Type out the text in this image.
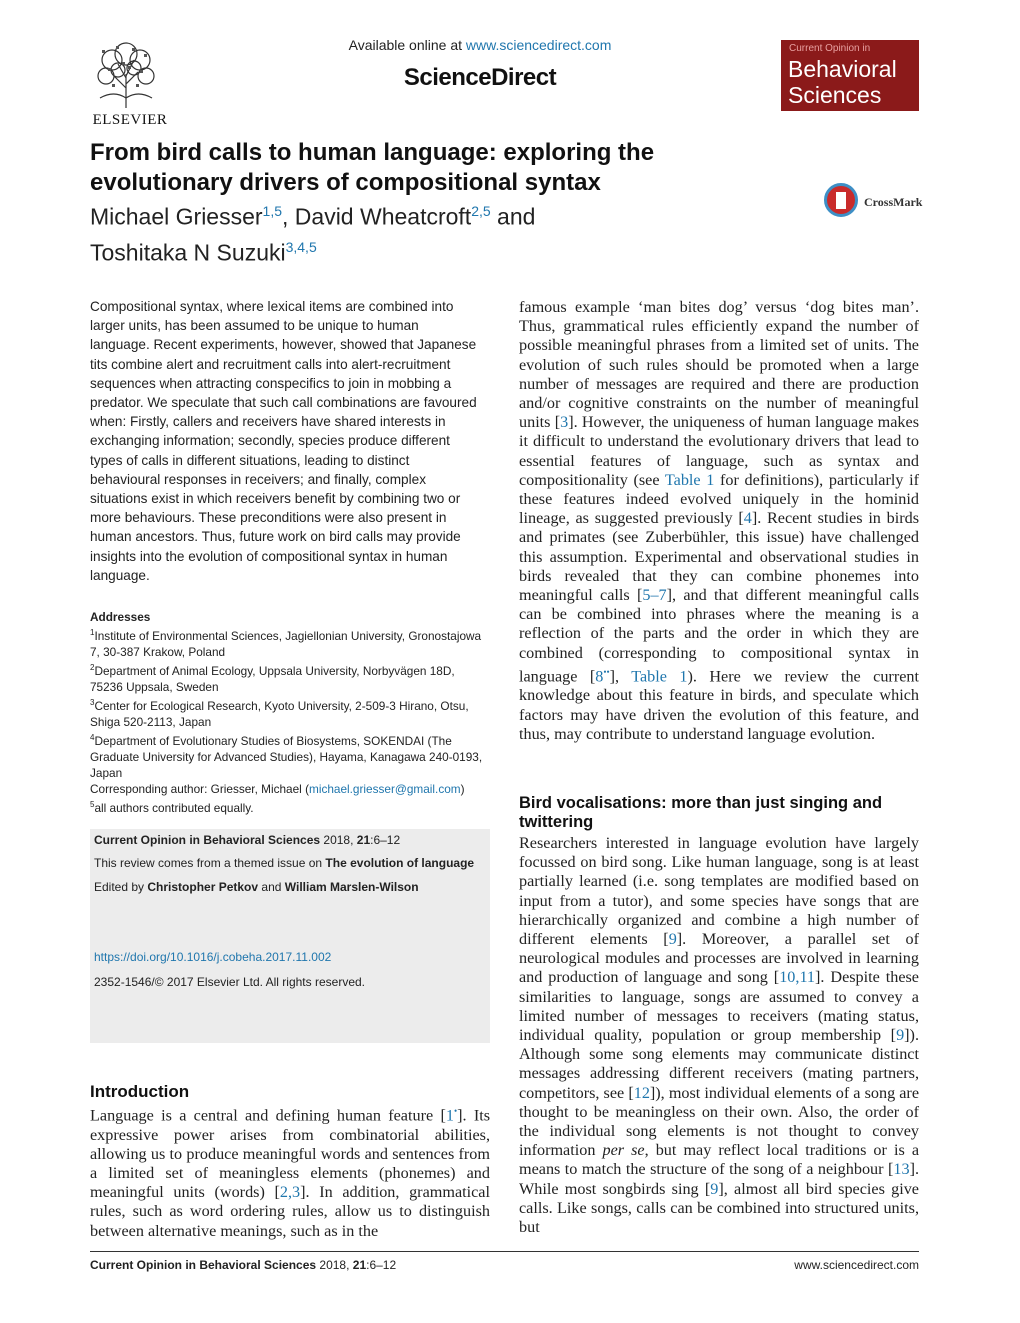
ELSEVIER
Available online at www.sciencedirect.com
ScienceDirect
Current Opinion in
Behavioral
Sciences
From bird calls to human language: exploring the evolutionary drivers of compositional syntax
Michael Griesser$^{1,5}$, David Wheatcroft$^{2,5}$ and
Toshitaka N Suzuki$^{3,4,5}$
CrossMark
Compositional syntax, where lexical items are combined into larger units, has been assumed to be unique to human language. Recent experiments, however, showed that Japanese tits combine alert and recruitment calls into alert-recruitment sequences when attracting conspecifics to join in mobbing a predator. We speculate that such call combinations are favoured when: Firstly, callers and receivers have shared interests in exchanging information; secondly, species produce different types of calls in different situations, leading to distinct behavioural responses in receivers; and finally, complex situations exist in which receivers benefit by combining two or more behaviours. These preconditions were also present in human ancestors. Thus, future work on bird calls may provide insights into the evolution of compositional syntax in human language.
Addresses
$^1$Institute of Environmental Sciences, Jagiellonian University, Gronostajowa 7, 30-387 Krakow, Poland
$^2$Department of Animal Ecology, Uppsala University, Norbyvägen 18D, 75236 Uppsala, Sweden
$^3$Center for Ecological Research, Kyoto University, 2-509-3 Hirano, Otsu, Shiga 520-2113, Japan
$^4$Department of Evolutionary Studies of Biosystems, SOKENDAI (The Graduate University for Advanced Studies), Hayama, Kanagawa 240-0193, Japan
Corresponding author: Griesser, Michael (michael.griesser@gmail.com)
$^5$all authors contributed equally.
Current Opinion in Behavioral Sciences 2018, 21:6–12
This review comes from a themed issue on The evolution of language
Edited by Christopher Petkov and William Marslen-Wilson
https://doi.org/10.1016/j.cobeha.2017.11.002
2352-1546/© 2017 Elsevier Ltd. All rights reserved.
Introduction
Language is a central and defining human feature [1•]. Its expressive power arises from combinatorial abilities, allowing us to produce meaningful words and sentences from a limited set of meaningless elements (phonemes) and meaningful units (words) [2,3]. In addition, grammatical rules, such as word ordering rules, allow us to distinguish between alternative meanings, such as in the
famous example ‘man bites dog’ versus ‘dog bites man’. Thus, grammatical rules efficiently expand the number of possible meaningful phrases from a limited set of units. The evolution of such rules should be promoted when a large number of messages are required and there are production and/or cognitive constraints on the number of meaningful units [3]. However, the uniqueness of human language makes it difficult to understand the evolutionary drivers that lead to essential features of language, such as syntax and compositionality (see Table 1 for definitions), particularly if these features indeed evolved uniquely in the hominid lineage, as suggested previously [4]. Recent studies in birds and primates (see Zuberbühler, this issue) have challenged this assumption. Experimental and observational studies in birds revealed that they can combine phonemes into meaningful calls [5–7], and that different meaningful calls can be combined into phrases where the meaning is a reflection of the parts and the order in which they are combined (corresponding to compositional syntax in language [8••], Table 1). Here we review the current knowledge about this feature in birds, and speculate which factors may have driven the evolution of this feature, and thus, may contribute to understand language evolution.
Bird vocalisations: more than just singing and twittering
Researchers interested in language evolution have largely focussed on bird song. Like human language, song is at least partially learned (i.e. song templates are modified based on input from a tutor), and some species have songs that are hierarchically organized and combine a high number of different elements [9]. Moreover, a parallel set of neurological modules and processes are involved in learning and production of language and song [10,11]. Despite these similarities to language, songs are assumed to convey a limited number of messages to receivers (mating status, individual quality, population or group membership [9]). Although some song elements may communicate distinct messages addressing different receivers (mating partners, competitors, see [12]), most individual elements of a song are thought to be meaningless on their own. Also, the order of the individual song elements is not thought to convey information per se, but may reflect local traditions or is a means to match the structure of the song of a neighbour [13]. While most songbirds sing [9], almost all bird species give calls. Like songs, calls can be combined into structured units, but
Current Opinion in Behavioral Sciences 2018, 21:6–12	www.sciencedirect.com
